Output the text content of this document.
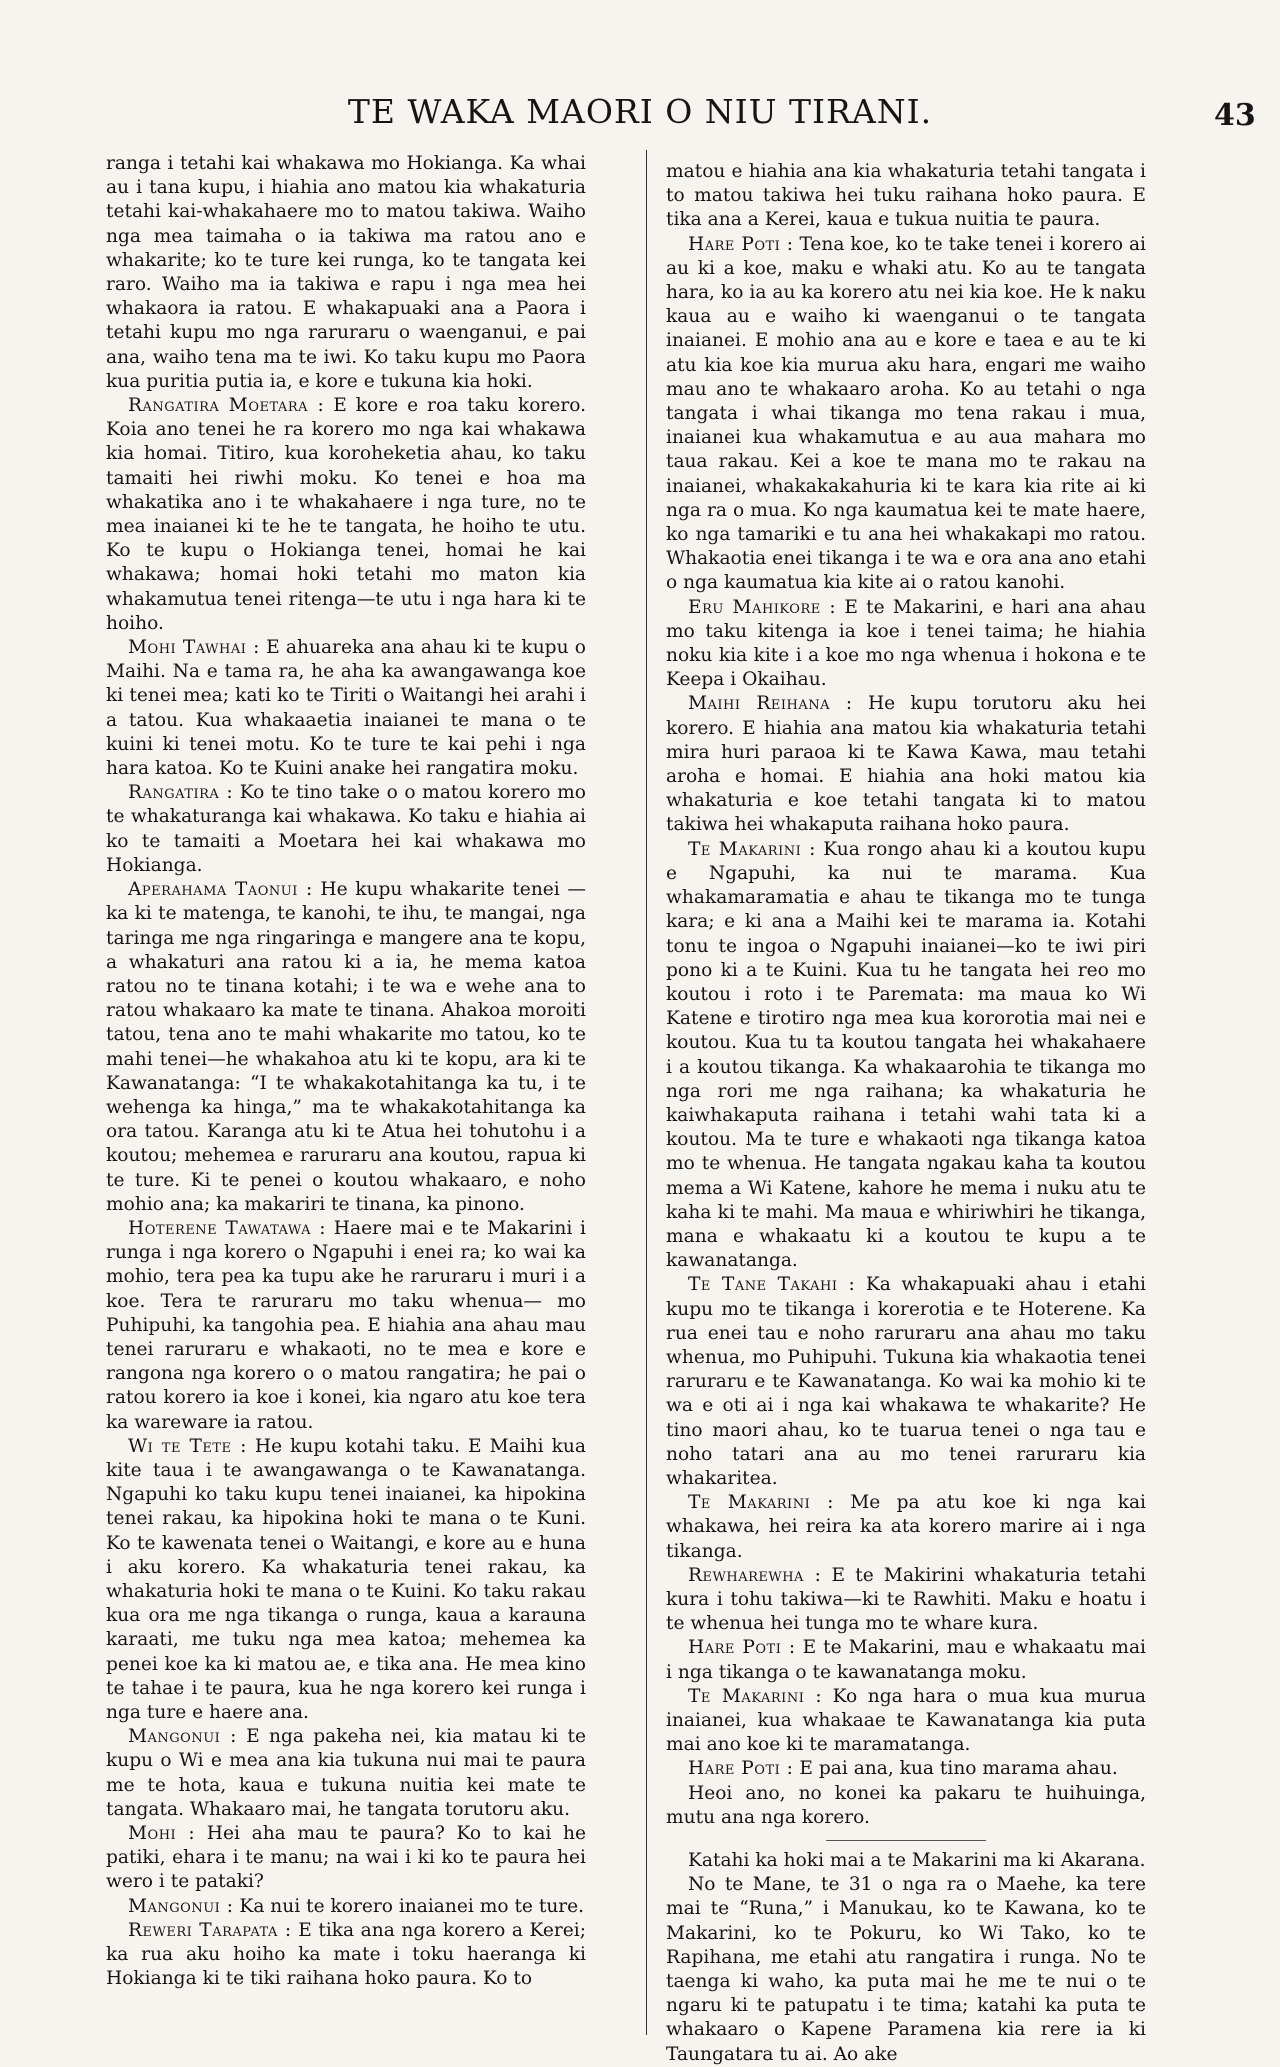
TE WAKA MAORI O NIU TIRANI.	43

ranga i tetahi kai whakawa mo Hokianga. Ka whai au i tana kupu, i hiahia ano matou kia whakaturia tetahi kai-whakahaere mo to matou takiwa. Waiho nga mea taimaha o ia takiwa ma ratou ano e whakarite; ko te ture kei runga, ko te tangata kei raro. Waiho ma ia takiwa e rapu i nga mea hei whakaora ia ratou. E whakapuaki ana a Paora i tetahi kupu mo nga raruraru o waenganui, e pai ana, waiho tena ma te iwi. Ko taku kupu mo Paora kua puritia putia ia, e kore e tukuna kia hoki.

Rangatira Moetara : E kore e roa taku korero. Koia ano tenei he ra korero mo nga kai whakawa kia homai. Titiro, kua koroheketia ahau, ko taku tamaiti hei riwhi moku. Ko tenei e hoa ma whakatika ano i te whakahaere i nga ture, no te mea inaianei ki te he te tangata, he hoiho te utu. Ko te kupu o Hokianga tenei, homai he kai whakawa; homai hoki tetahi mo maton kia whakamutua tenei ritenga—te utu i nga hara ki te hoiho.

Mohi Tawhai : E ahuareka ana ahau ki te kupu o Maihi. Na e tama ra, he aha ka awangawanga koe ki tenei mea; kati ko te Tiriti o Waitangi hei arahi i a tatou. Kua whakaaetia inaianei te mana o te kuini ki tenei motu. Ko te ture te kai pehi i nga hara katoa. Ko te Kuini anake hei rangatira moku.

Rangatira : Ko te tino take o o matou korero mo te whakaturanga kai whakawa. Ko taku e hiahia ai ko te tamaiti a Moetara hei kai whakawa mo Hokianga.

Aperahama Taonui : He kupu whakarite tenei —ka ki te matenga, te kanohi, te ihu, te mangai, nga taringa me nga ringaringa e mangere ana te kopu, a whakaturi ana ratou ki a ia, he mema katoa ratou no te tinana kotahi; i te wa e wehe ana to ratou whakaaro ka mate te tinana. Ahakoa moroiti tatou, tena ano te mahi whakarite mo tatou, ko te mahi tenei—he whakahoa atu ki te kopu, ara ki te Kawanatanga: “I te whakakotahitanga ka tu, i te wehenga ka hinga,” ma te whakakotahitanga ka ora tatou. Karanga atu ki te Atua hei tohutohu i a koutou; mehemea e raruraru ana koutou, rapua ki te ture. Ki te penei o koutou whakaaro, e noho mohio ana; ka makariri te tinana, ka pinono.

Hoterene Tawatawa : Haere mai e te Makarini i runga i nga korero o Ngapuhi i enei ra; ko wai ka mohio, tera pea ka tupu ake he raruraru i muri i a koe. Tera te raruraru mo taku whenua— mo Puhipuhi, ka tangohia pea. E hiahia ana ahau mau tenei raruraru e whakaoti, no te mea e kore e rangona nga korero o o matou rangatira; he pai o ratou korero ia koe i konei, kia ngaro atu koe tera ka wareware ia ratou.

Wi te Tete : He kupu kotahi taku. E Maihi kua kite taua i te awangawanga o te Kawanatanga. Ngapuhi ko taku kupu tenei inaianei, ka hipokina tenei rakau, ka hipokina hoki te mana o te Kuni. Ko te kawenata tenei o Waitangi, e kore au e huna i aku korero. Ka whakaturia tenei rakau, ka whakaturia hoki te mana o te Kuini. Ko taku rakau kua ora me nga tikanga o runga, kaua a karauna karaati, me tuku nga mea katoa; mehemea ka penei koe ka ki matou ae, e tika ana. He mea kino te tahae i te paura, kua he nga korero kei runga i nga ture e haere ana.

Mangonui : E nga pakeha nei, kia matau ki te kupu o Wi e mea ana kia tukuna nui mai te paura me te hota, kaua e tukuna nuitia kei mate te tangata. Whakaaro mai, he tangata torutoru aku.

Mohi : Hei aha mau te paura? Ko to kai he patiki, ehara i te manu; na wai i ki ko te paura hei wero i te pataki?

Mangonui : Ka nui te korero inaianei mo te ture.

Reweri Tarapata : E tika ana nga korero a Kerei; ka rua aku hoiho ka mate i toku haeranga ki Hokianga ki te tiki raihana hoko paura. Ko to

matou e hiahia ana kia whakaturia tetahi tangata i to matou takiwa hei tuku raihana hoko paura. E tika ana a Kerei, kaua e tukua nuitia te paura.

Hare Poti : Tena koe, ko te take tenei i korero ai au ki a koe, maku e whaki atu. Ko au te tangata hara, ko ia au ka korero atu nei kia koe. He k naku kaua au e waiho ki waenganui o te tangata inaianei. E mohio ana au e kore e taea e au te ki atu kia koe kia murua aku hara, engari me waiho mau ano te whakaaro aroha. Ko au tetahi o nga tangata i whai tikanga mo tena rakau i mua, inaianei kua whakamutua e au aua mahara mo taua rakau. Kei a koe te mana mo te rakau na inaianei, whakakakahuria ki te kara kia rite ai ki nga ra o mua. Ko nga kaumatua kei te mate haere, ko nga tamariki e tu ana hei whakakapi mo ratou. Whakaotia enei tikanga i te wa e ora ana ano etahi o nga kaumatua kia kite ai o ratou kanohi.

Eru Mahikore : E te Makarini, e hari ana ahau mo taku kitenga ia koe i tenei taima; he hiahia noku kia kite i a koe mo nga whenua i hokona e te Keepa i Okaihau.

Maihi Reihana : He kupu torutoru aku hei korero. E hiahia ana matou kia whakaturia tetahi mira huri paraoa ki te Kawa Kawa, mau tetahi aroha e homai. E hiahia ana hoki matou kia whakaturia e koe tetahi tangata ki to matou takiwa hei whakaputa raihana hoko paura.

Te Makarini : Kua rongo ahau ki a koutou kupu e Ngapuhi, ka nui te marama. Kua whakamaramatia e ahau te tikanga mo te tunga kara; e ki ana a Maihi kei te marama ia. Kotahi tonu te ingoa o Ngapuhi inaianei—ko te iwi piri pono ki a te Kuini. Kua tu he tangata hei reo mo koutou i roto i te Paremata: ma maua ko Wi Katene e tirotiro nga mea kua kororotia mai nei e koutou. Kua tu ta koutou tangata hei whakahaere i a koutou tikanga. Ka whakaarohia te tikanga mo nga rori me nga raihana; ka whakaturia he kaiwhakaputa raihana i tetahi wahi tata ki a koutou. Ma te ture e whakaoti nga tikanga katoa mo te whenua. He tangata ngakau kaha ta koutou mema a Wi Katene, kahore he mema i nuku atu te kaha ki te mahi. Ma maua e whiriwhiri he tikanga, mana e whakaatu ki a koutou te kupu a te kawanatanga.

Te Tane Takahi : Ka whakapuaki ahau i etahi kupu mo te tikanga i korerotia e te Hoterene. Ka rua enei tau e noho raruraru ana ahau mo taku whenua, mo Puhipuhi. Tukuna kia whakaotia tenei raruraru e te Kawanatanga. Ko wai ka mohio ki te wa e oti ai i nga kai whakawa te whakarite? He tino maori ahau, ko te tuarua tenei o nga tau e noho tatari ana au mo tenei raruraru kia whakaritea.

Te Makarini : Me pa atu koe ki nga kai whakawa, hei reira ka ata korero marire ai i nga tikanga.

Rewharewha : E te Makirini whakaturia tetahi kura i tohu takiwa—ki te Rawhiti. Maku e hoatu i te whenua hei tunga mo te whare kura.

Hare Poti : E te Makarini, mau e whakaatu mai i nga tikanga o te kawanatanga moku.

Te Makarini : Ko nga hara o mua kua murua inaianei, kua whakaae te Kawanatanga kia puta mai ano koe ki te maramatanga.

Hare Poti : E pai ana, kua tino marama ahau.

Heoi ano, no konei ka pakaru te huihuinga, mutu ana nga korero.

Katahi ka hoki mai a te Makarini ma ki Akarana.

No te Mane, te 31 o nga ra o Maehe, ka tere mai te “Runa,” i Manukau, ko te Kawana, ko te Makarini, ko te Pokuru, ko Wi Tako, ko te Rapihana, me etahi atu rangatira i runga. No te taenga ki waho, ka puta mai he me te nui o te ngaru ki te patupatu i te tima; katahi ka puta te whakaaro o Kapene Paramena kia rere ia ki Taungatara tu ai. Ao ake
